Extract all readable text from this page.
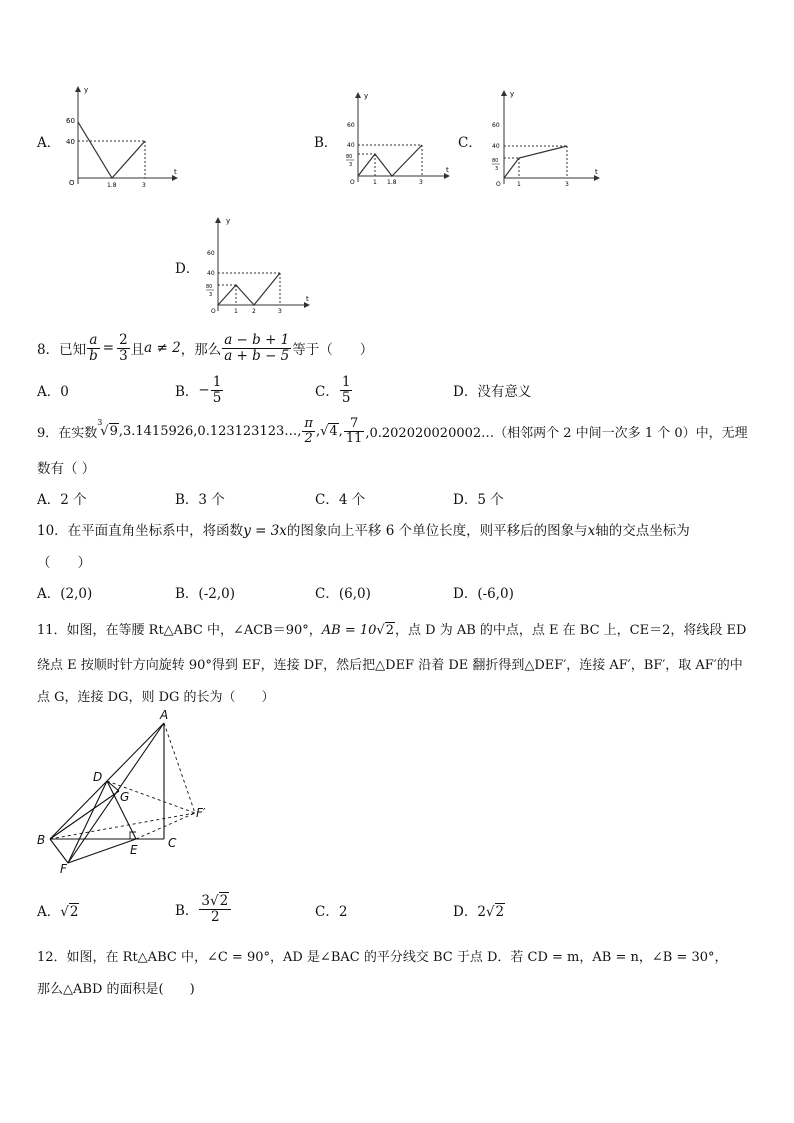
A．
y
t
60
40
O	1.8	3
B．
y
t
60
40
80
3
O	1 1.8	3
C．
y
t
60
40
80
3
O	1	3
D．
y
t
60
40
80
3
O	1 2	3
8．已知 $\frac{a}{b} = \frac{2}{3}$ 且 a ≠ 2 ，那么 $\frac{a - b + 1}{a + b - 5}$ 等于（　　）
A．0	B． − $\frac{1}{5}$	C． $\frac{1}{5}$	D．没有意义
9．在实数
3
√9 ,3.1415926,0.123123123…, $\frac{\pi}{2}$ , √4 , $\frac{7}{11}$ ,0.202020020002…（相邻两个 2 中间一次多 1 个 0）中，无理
数有（ ）
A．2 个	B．3 个	C．4 个	D．5 个
10．在平面直角坐标系中，将函数y = 3x的图象向上平移 6 个单位长度，则平移后的图象与x轴的交点坐标为
（　　）
A．(2,0)	B．(-2,0)	C．(6,0)	D．(-6,0)
11．如图，在等腰 Rt△ABC 中，∠ACB＝90°，AB = 10√2，点 D 为 AB 的中点，点 E 在 BC 上，CE＝2，将线段 ED
绕点 E 按顺时针方向旋转 90°得到 EF，连接 DF，然后把△DEF 沿着 DE 翻折得到△DEF′，连接 AF′，BF′，取 AF′的中
点 G，连接 DG，则 DG 的长为（　　）
A
B	C
D
E
F
F′
G
A．√2	B． $\frac{3√2}{2}$	C．2	D．2√2
12．如图，在 Rt△ABC 中，∠C = 90°，AD 是∠BAC 的平分线交 BC 于点 D．若 CD = m，AB = n，∠B = 30°，
那么△ABD 的面积是(　　)
